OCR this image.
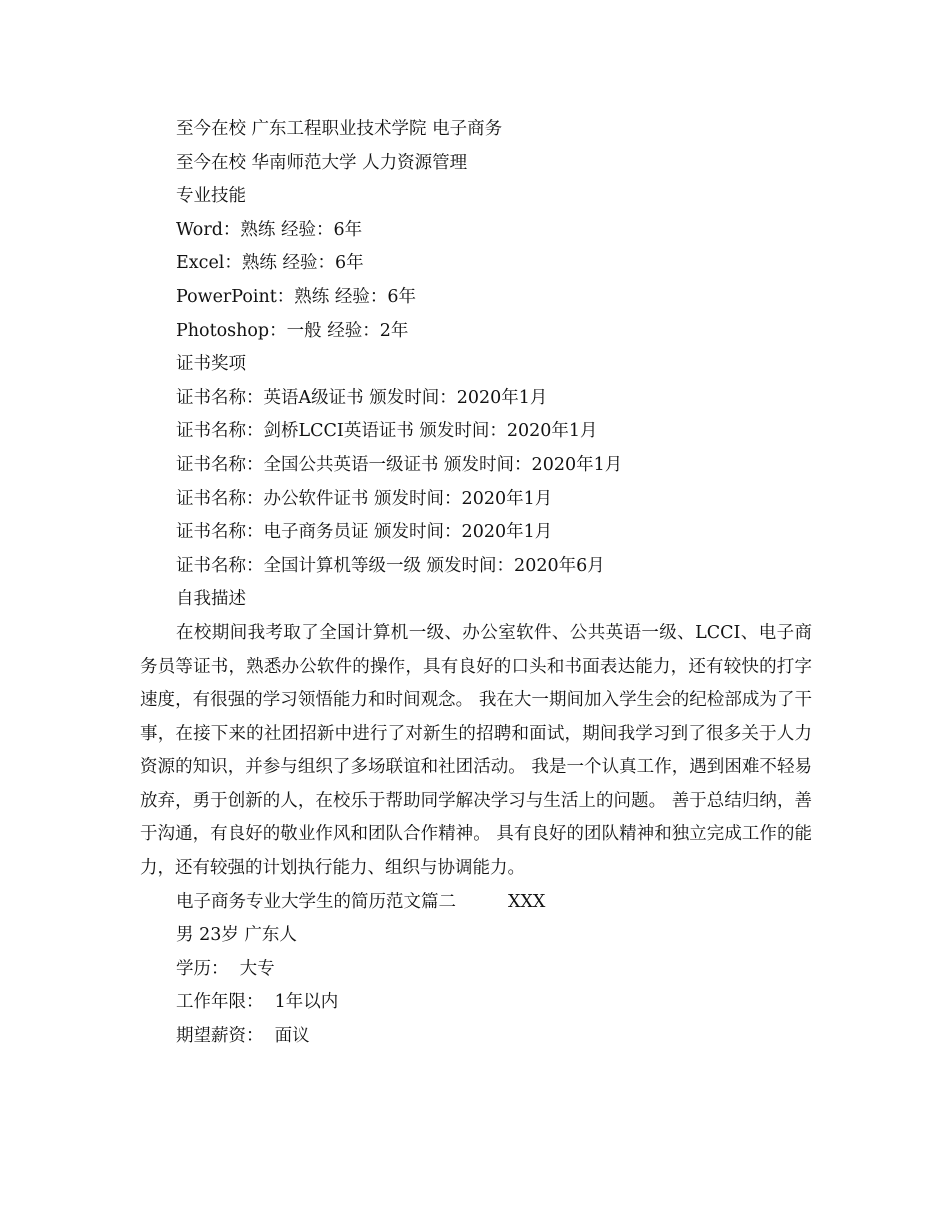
至今在校 广东工程职业技术学院 电子商务
至今在校 华南师范大学 人力资源管理
专业技能
Word：熟练 经验：6年
Excel：熟练 经验：6年
PowerPoint：熟练 经验：6年
Photoshop：一般 经验：2年
证书奖项
证书名称：英语A级证书 颁发时间：2020年1月
证书名称：剑桥LCCI英语证书 颁发时间：2020年1月
证书名称：全国公共英语一级证书 颁发时间：2020年1月
证书名称：办公软件证书 颁发时间：2020年1月
证书名称：电子商务员证 颁发时间：2020年1月
证书名称：全国计算机等级一级 颁发时间：2020年6月
自我描述

在校期间我考取了全国计算机一级、办公室软件、公共英语一级、LCCI、电子商务员等证书，熟悉办公软件的操作，具有良好的口头和书面表达能力，还有较快的打字速度，有很强的学习领悟能力和时间观念。 我在大一期间加入学生会的纪检部成为了干事，在接下来的社团招新中进行了对新生的招聘和面试，期间我学习到了很多关于人力资源的知识，并参与组织了多场联谊和社团活动。 我是一个认真工作，遇到困难不轻易放弃，勇于创新的人，在校乐于帮助同学解决学习与生活上的问题。 善于总结归纳，善于沟通，有良好的敬业作风和团队合作精神。 具有良好的团队精神和独立完成工作的能力，还有较强的计划执行能力、组织与协调能力。

电子商务专业大学生的简历范文篇二	XXX
男 23岁 广东人
学历： 大专
工作年限： 1年以内
期望薪资： 面议
